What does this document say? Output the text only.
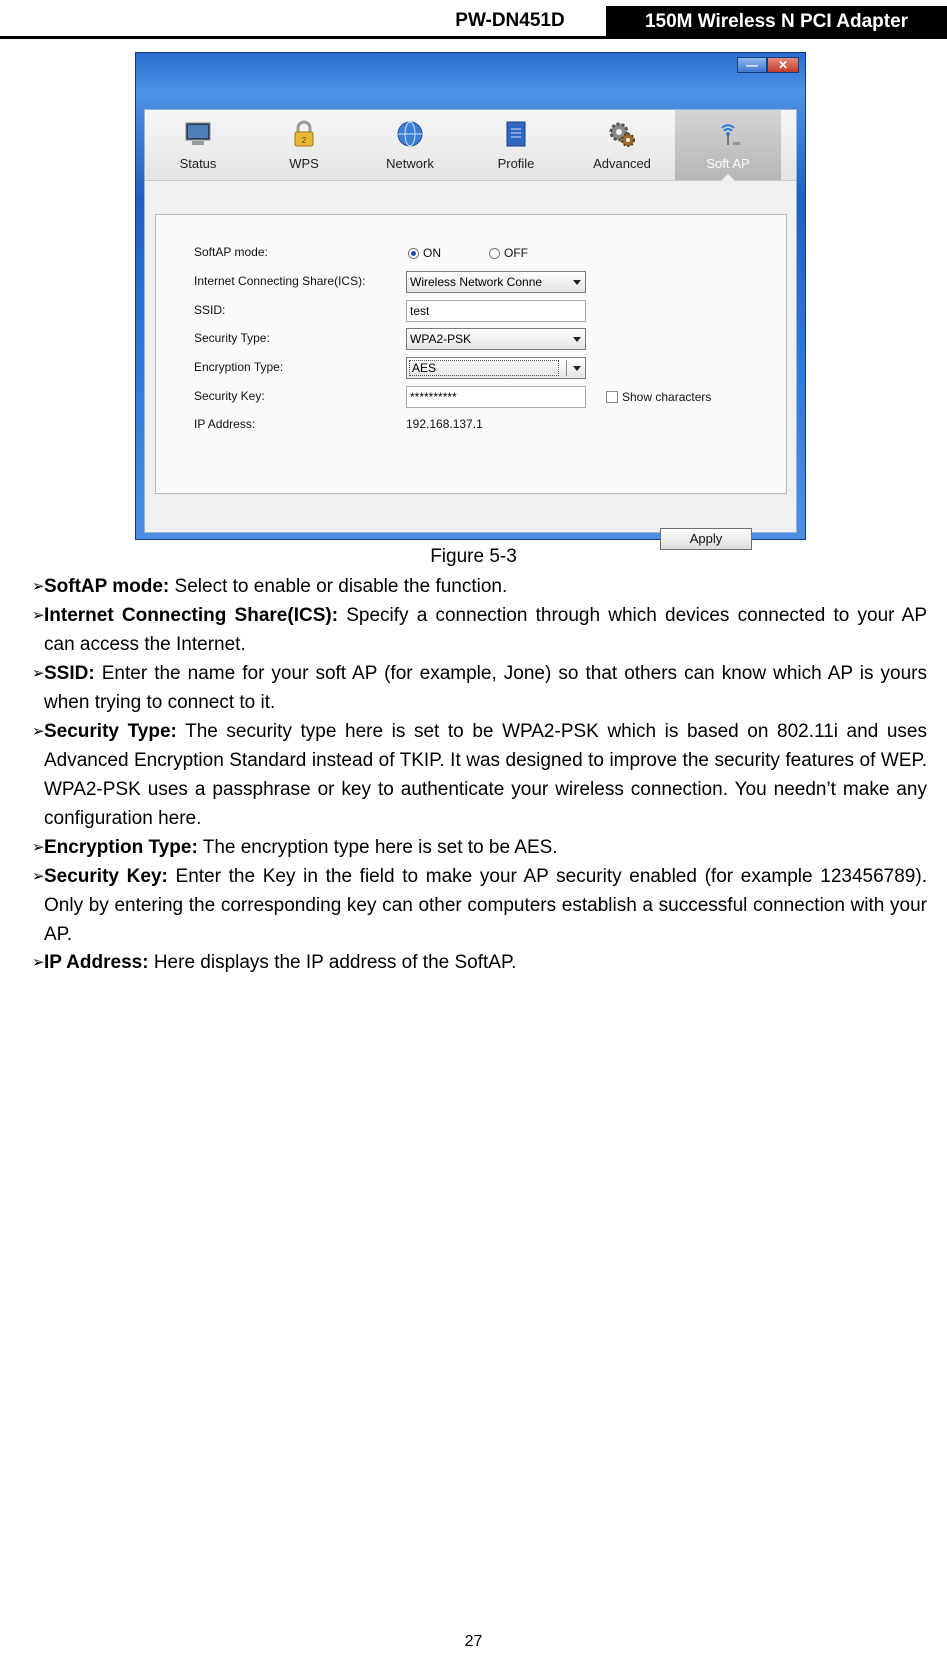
PW-DN451D	150M Wireless N PCI Adapter
—	✕
Status
2
WPS	Network	Profile	Advanced	Soft AP
SoftAP mode:	ON	OFF
Internet Connecting Share(ICS):	Wireless Network Conne
SSID:	test
Security Type:	WPA2-PSK
Encryption Type:	AES
Security Key:	**********	Show characters
IP Address:	192.168.137.1
Apply
Figure 5-3
➢ SoftAP mode: Select to enable or disable the function.
➢ Internet Connecting Share(ICS): Specify a connection through which devices connected to your AP can access the Internet.
➢ SSID: Enter the name for your soft AP (for example, Jone) so that others can know which AP is yours when trying to connect to it.
➢ Security Type: The security type here is set to be WPA2-PSK which is based on 802.11i and uses Advanced Encryption Standard instead of TKIP. It was designed to improve the security features of WEP. WPA2-PSK uses a passphrase or key to authenticate your wireless connection. You needn’t make any configuration here.
➢ Encryption Type: The encryption type here is set to be AES.
➢ Security Key: Enter the Key in the field to make your AP security enabled (for example 123456789). Only by entering the corresponding key can other computers establish a successful connection with your AP.
➢ IP Address: Here displays the IP address of the SoftAP.
27
